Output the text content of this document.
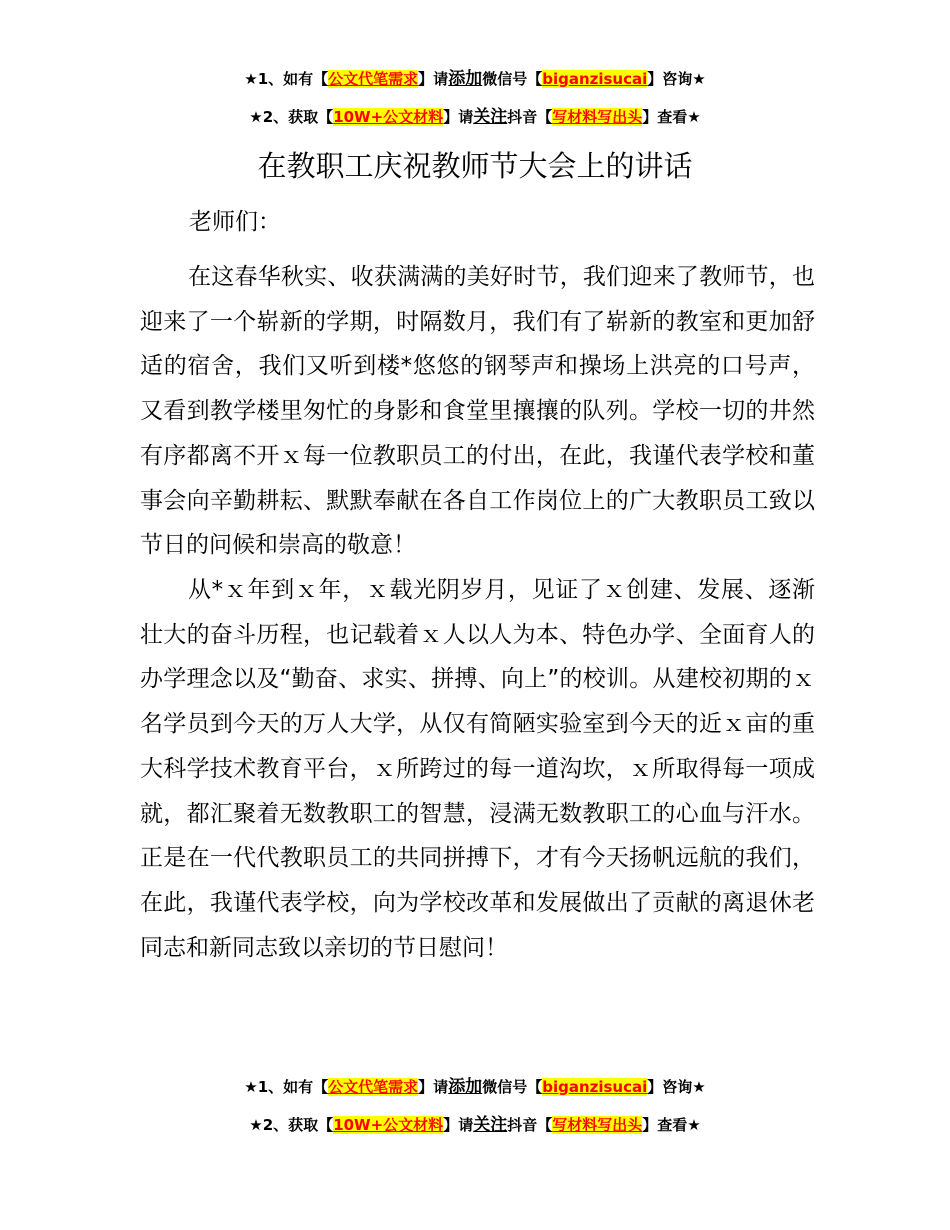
★1、如有【公文代笔需求】请添加微信号【biganzisucai】咨询★
★2、获取【10W+公文材料】请关注抖音【写材料写出头】查看★
在教职工庆祝教师节大会上的讲话
老师们：

在这春华秋实、收获满满的美好时节，我们迎来了教师节，也迎来了一个崭新的学期，时隔数月，我们有了崭新的教室和更加舒适的宿舍，我们又听到楼*悠悠的钢琴声和操场上洪亮的口号声，又看到教学楼里匆忙的身影和食堂里攘攘的队列。学校一切的井然有序都离不开ｘ每一位教职员工的付出，在此，我谨代表学校和董事会向辛勤耕耘、默默奉献在各自工作岗位上的广大教职员工致以节日的问候和崇高的敬意！

从*ｘ年到ｘ年，ｘ载光阴岁月，见证了ｘ创建、发展、逐渐壮大的奋斗历程，也记载着ｘ人以人为本、特色办学、全面育人的办学理念以及“勤奋、求实、拼搏、向上”的校训。从建校初期的ｘ名学员到今天的万人大学，从仅有简陋实验室到今天的近ｘ亩的重大科学技术教育平台，ｘ所跨过的每一道沟坎，ｘ所取得每一项成就，都汇聚着无数教职工的智慧，浸满无数教职工的心血与汗水。正是在一代代教职员工的共同拼搏下，才有今天扬帆远航的我们，在此，我谨代表学校，向为学校改革和发展做出了贡献的离退休老同志和新同志致以亲切的节日慰问！

★1、如有【公文代笔需求】请添加微信号【biganzisucai】咨询★
★2、获取【10W+公文材料】请关注抖音【写材料写出头】查看★
